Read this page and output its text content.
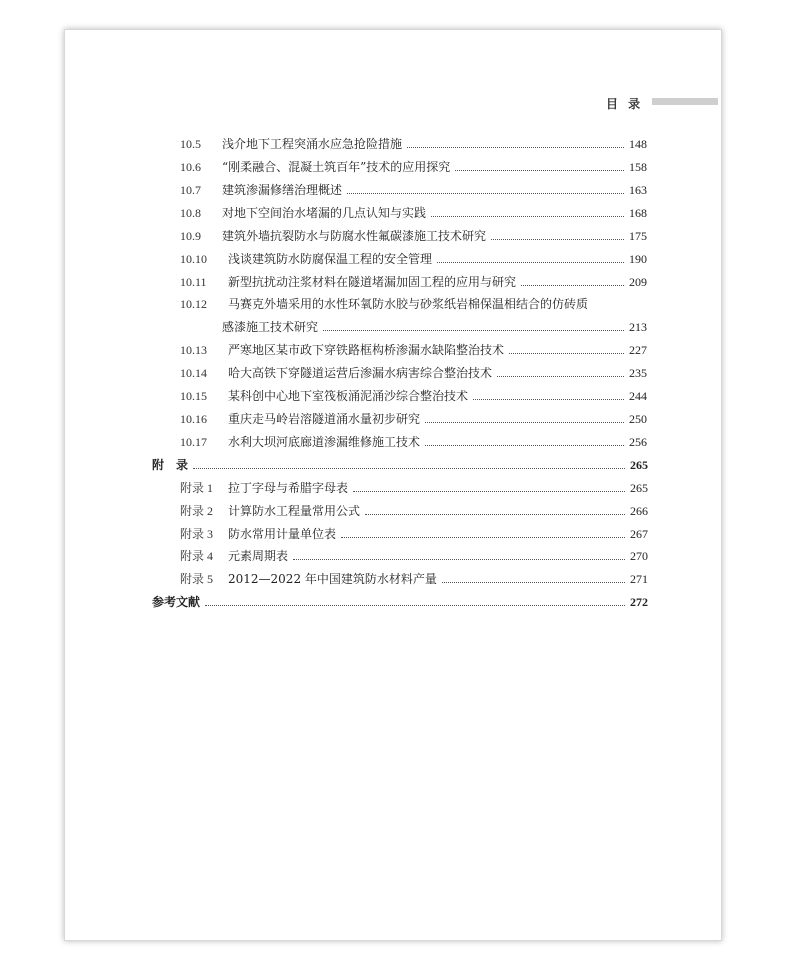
目 录
10.5	浅介地下工程突涌水应急抢险措施	148
10.6	“刚柔融合、混凝土筑百年”技术的应用探究	158
10.7	建筑渗漏修缮治理概述	163
10.8	对地下空间治水堵漏的几点认知与实践	168
10.9	建筑外墙抗裂防水与防腐水性氟碳漆施工技术研究	175
10.10	浅谈建筑防水防腐保温工程的安全管理	190
10.11	新型抗扰动注浆材料在隧道堵漏加固工程的应用与研究	209
10.12	马赛克外墙采用的水性环氧防水胶与砂浆纸岩棉保温相结合的仿砖质
感漆施工技术研究	213
10.13	严寒地区某市政下穿铁路框构桥渗漏水缺陷整治技术	227
10.14	哈大高铁下穿隧道运营后渗漏水病害综合整治技术	235
10.15	某科创中心地下室筏板涌泥涌沙综合整治技术	244
10.16	重庆走马岭岩溶隧道涌水量初步研究	250
10.17	水利大坝河底廊道渗漏维修施工技术	256
附　录	265
附录 1	拉丁字母与希腊字母表	265
附录 2	计算防水工程量常用公式	266
附录 3	防水常用计量单位表	267
附录 4	元素周期表	270
附录 5	2012—2022 年中国建筑防水材料产量	271
参考文献	272
